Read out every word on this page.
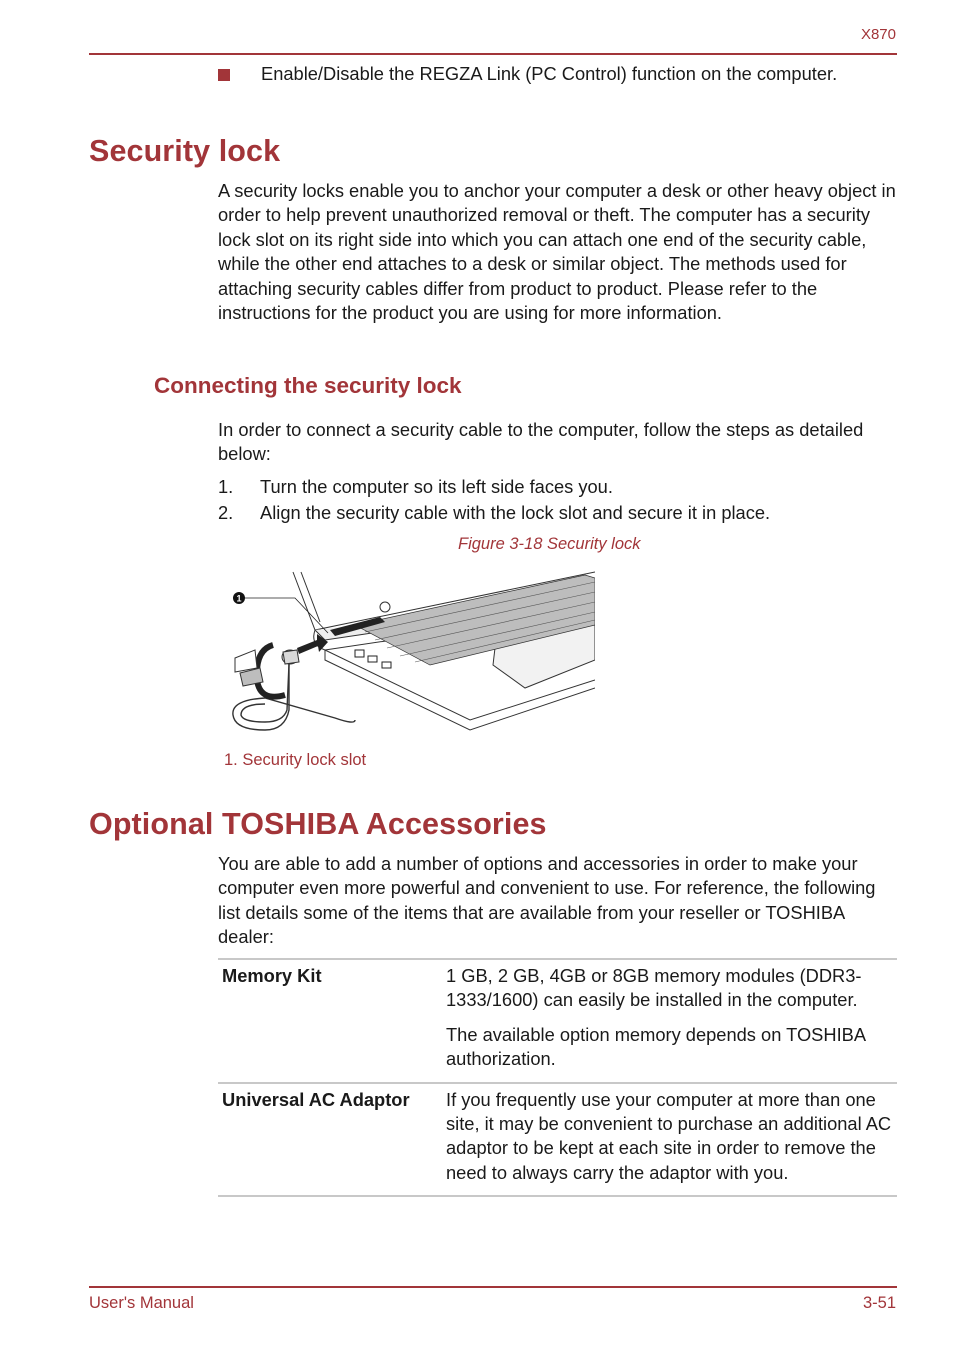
X870
Enable/Disable the REGZA Link (PC Control) function on the computer.
Security lock

A security locks enable you to anchor your computer a desk or other heavy object in order to help prevent unauthorized removal or theft. The computer has a security lock slot on its right side into which you can attach one end of the security cable, while the other end attaches to a desk or similar object. The methods used for attaching security cables differ from product to product. Please refer to the instructions for the product you are using for more information.

Connecting the security lock

In order to connect a security cable to the computer, follow the steps as detailed below:

1. Turn the computer so its left side faces you.
2. Align the security cable with the lock slot and secure it in place.
Figure 3-18 Security lock
1
1. Security lock slot
Optional TOSHIBA Accessories

You are able to add a number of options and accessories in order to make your computer even more powerful and convenient to use. For reference, the following list details some of the items that are available from your reseller or TOSHIBA dealer:

Memory Kit	1 GB, 2 GB, 4GB or 8GB memory modules (DDR3-1333/1600) can easily be installed in the computer.

The available option memory depends on TOSHIBA authorization.

Universal AC Adaptor	If you frequently use your computer at more than one site, it may be convenient to purchase an additional AC adaptor to be kept at each site in order to remove the need to always carry the adaptor with you.

User's Manual	3-51
